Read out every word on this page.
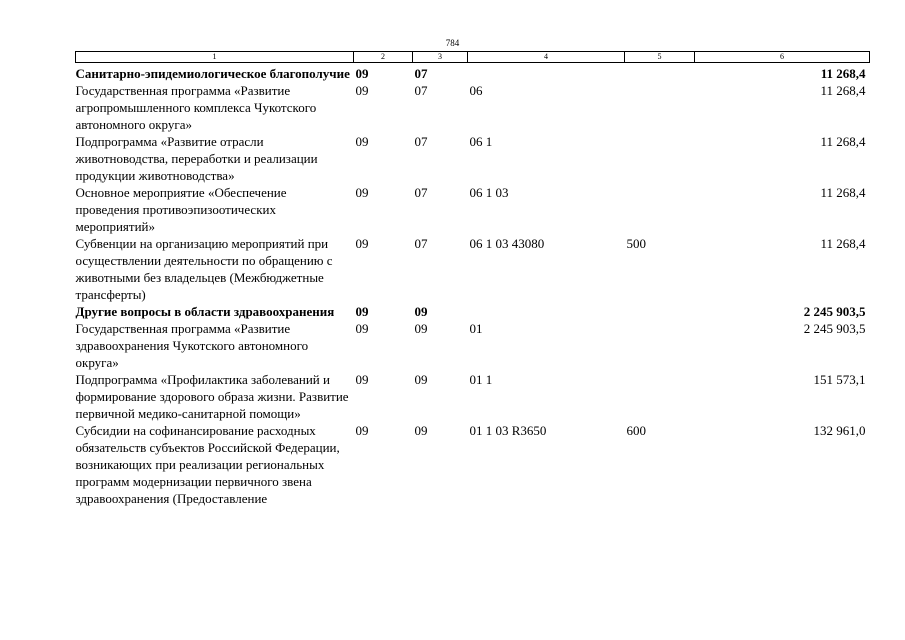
784
1	2	3	4	5	6
Санитарно-эпидемиологическое благополучие	09	07			11 268,4
Государственная программа «Развитие агропромышленного комплекса Чукотского автономного округа»	09	07	06		11 268,4
Подпрограмма «Развитие отрасли животноводства, переработки и реализации продукции животноводства»	09	07	06 1		11 268,4
Основное мероприятие «Обеспечение проведения противоэпизоотических мероприятий»	09	07	06 1 03		11 268,4
Субвенции на организацию мероприятий при осуществлении деятельности по обращению с животными без владельцев (Межбюджетные трансферты)	09	07	06 1 03 43080	500	11 268,4
Другие вопросы в области здравоохранения	09	09			2 245 903,5
Государственная программа «Развитие здравоохранения Чукотского автономного округа»	09	09	01		2 245 903,5
Подпрограмма «Профилактика заболеваний и формирование здорового образа жизни. Развитие первичной медико-санитарной помощи»	09	09	01 1		151 573,1
Субсидии на софинансирование расходных обязательств субъектов Российской Федерации, возникающих при реализации региональных программ модернизации первичного звена здравоохранения (Предоставление	09	09	01 1 03 R3650	600	132 961,0
